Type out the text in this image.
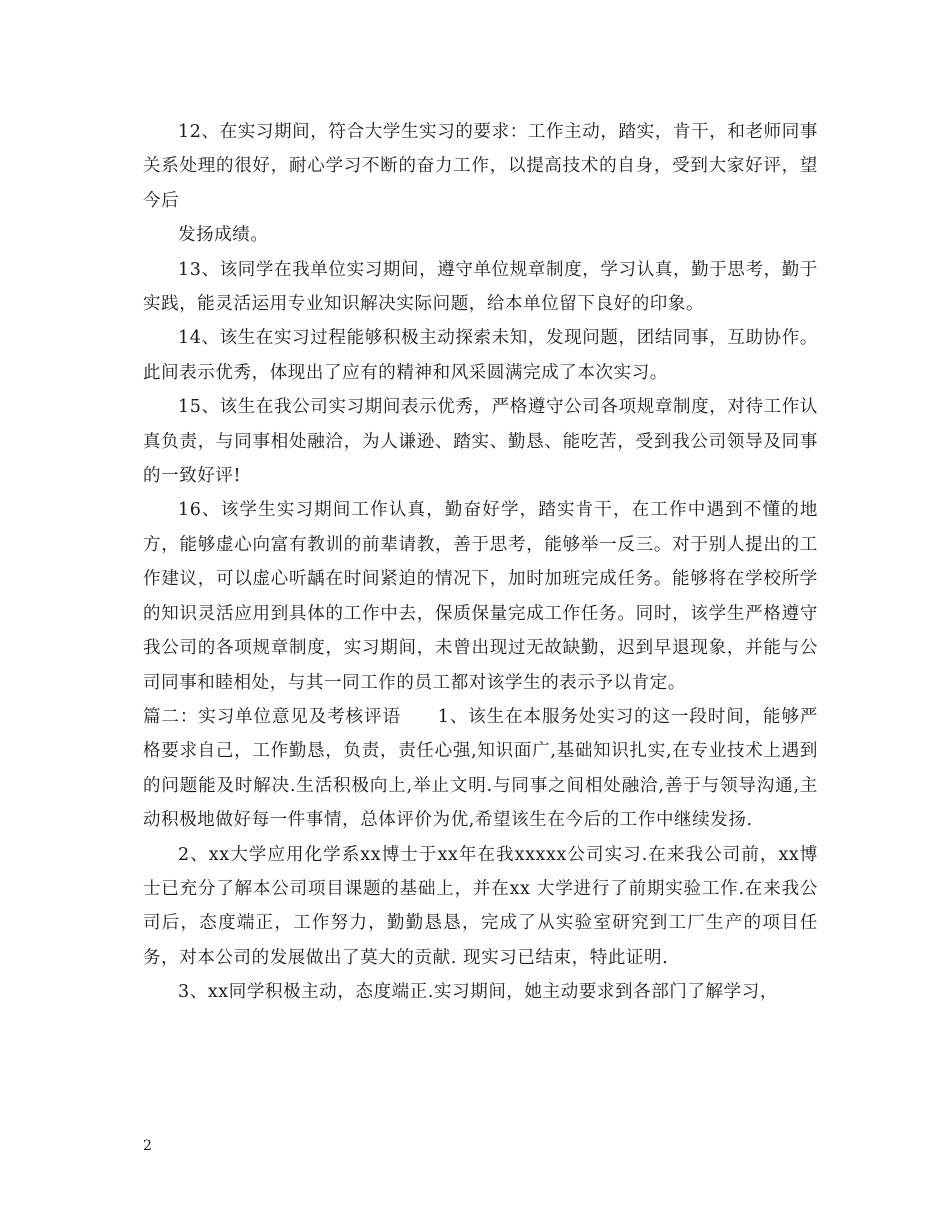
12、在实习期间，符合大学生实习的要求：工作主动，踏实，肯干，和老师同事关系处理的很好，耐心学习不断的奋力工作，以提高技术的自身，受到大家好评，望今后

发扬成绩。

13、该同学在我单位实习期间，遵守单位规章制度，学习认真，勤于思考，勤于实践，能灵活运用专业知识解决实际问题，给本单位留下良好的印象。

14、该生在实习过程能够积极主动探索未知，发现问题，团结同事，互助协作。此间表示优秀，体现出了应有的精神和风采圆满完成了本次实习。

15、该生在我公司实习期间表示优秀，严格遵守公司各项规章制度，对待工作认真负责，与同事相处融洽，为人谦逊、踏实、勤恳、能吃苦，受到我公司领导及同事的一致好评!

16、该学生实习期间工作认真，勤奋好学，踏实肯干，在工作中遇到不懂的地方，能够虚心向富有教训的前辈请教，善于思考，能够举一反三。对于别人提出的工作建议，可以虚心听龋在时间紧迫的情况下，加时加班完成任务。能够将在学校所学的知识灵活应用到具体的工作中去，保质保量完成工作任务。同时，该学生严格遵守我公司的各项规章制度，实习期间，未曾出现过无故缺勤，迟到早退现象，并能与公司同事和睦相处，与其一同工作的员工都对该学生的表示予以肯定。

篇二：实习单位意见及考核评语　　1、该生在本服务处实习的这一段时间，能够严格要求自己，工作勤恳，负责，责任心强,知识面广,基础知识扎实,在专业技术上遇到的问题能及时解决.生活积极向上,举止文明.与同事之间相处融洽,善于与领导沟通,主动积极地做好每一件事情，总体评价为优,希望该生在今后的工作中继续发扬.

2、xx大学应用化学系xx博士于xx年在我xxxxx公司实习.在来我公司前，xx博士已充分了解本公司项目课题的基础上，并在xx 大学进行了前期实验工作.在来我公司后，态度端正，工作努力，勤勤恳恳，完成了从实验室研究到工厂生产的项目任务，对本公司的发展做出了莫大的贡献. 现实习已结束，特此证明.

3、xx同学积极主动，态度端正.实习期间，她主动要求到各部门了解学习，

2
